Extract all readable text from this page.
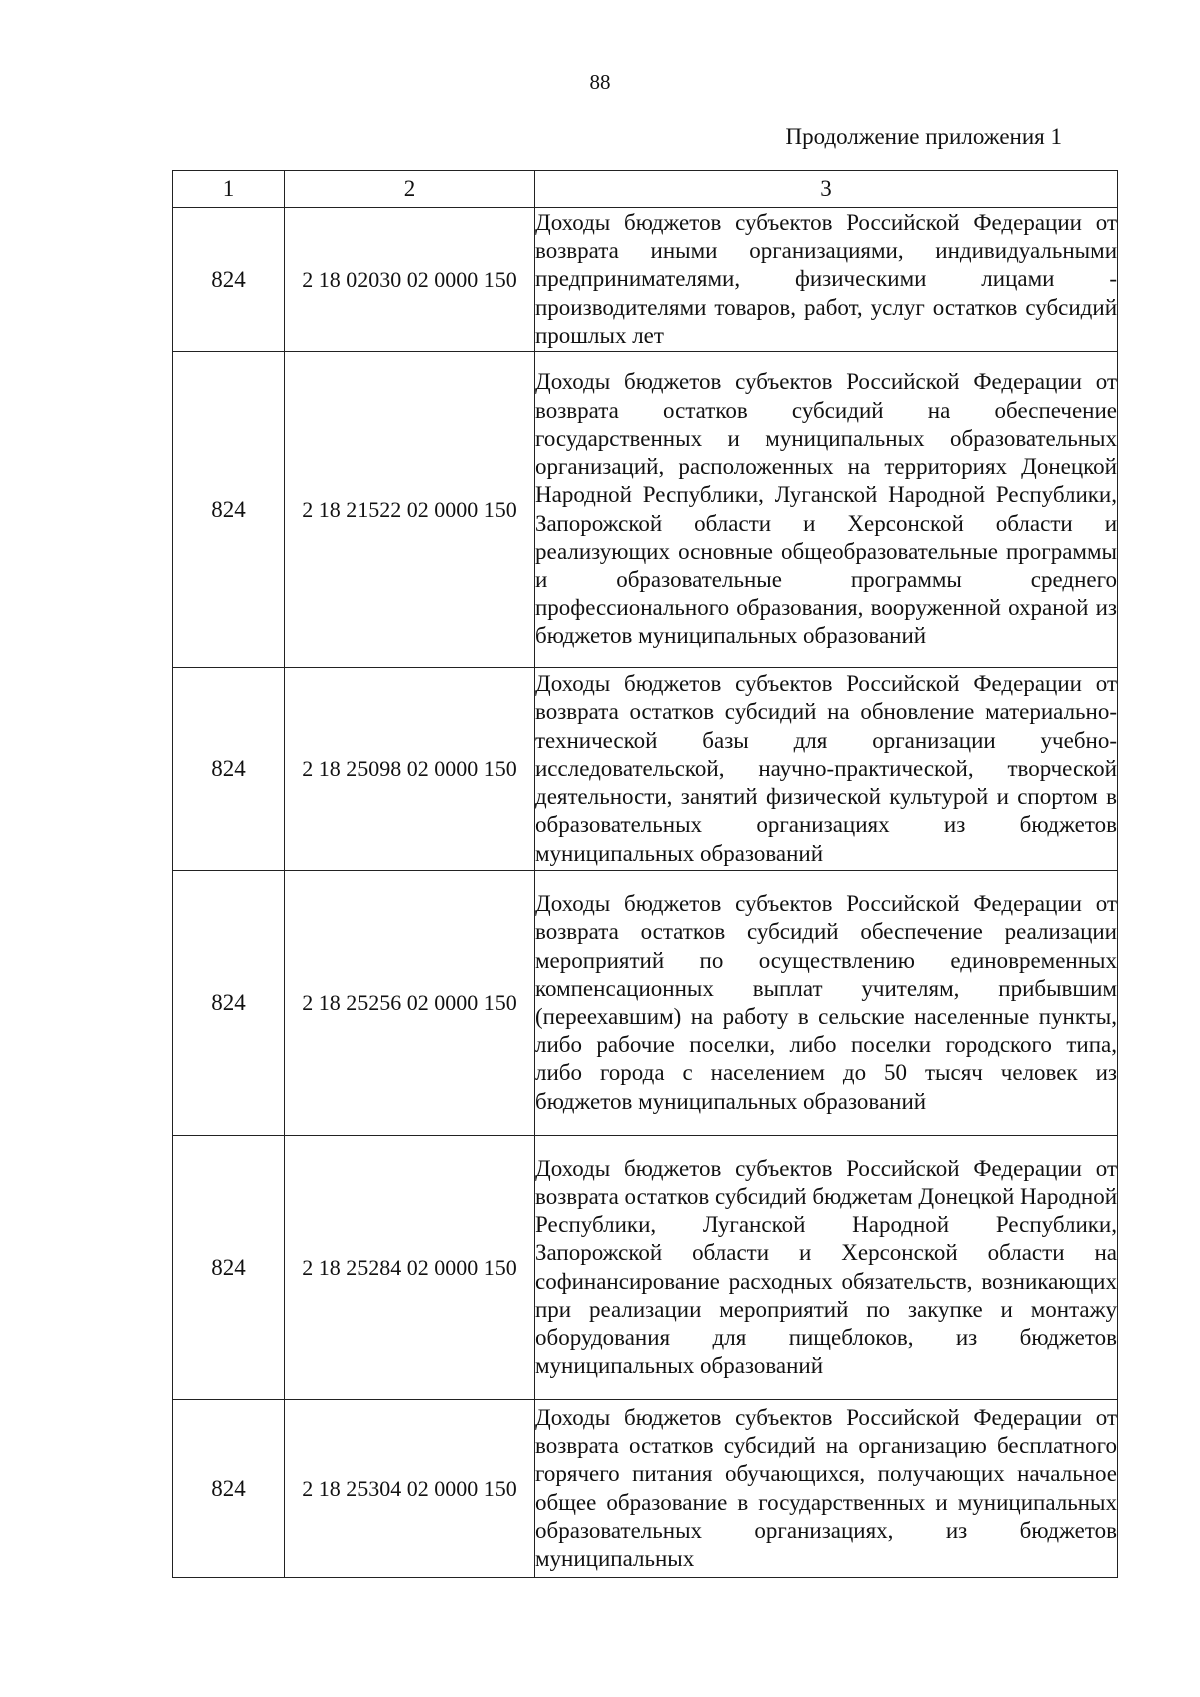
88
Продолжение приложения 1
1	2	3
824	2 18 02030 02 0000 150	Доходы бюджетов субъектов Российской Федерации от возврата иными организациями, индивидуальными предпринимателями, физическими лицами - производителями товаров, работ, услуг остатков субсидий прошлых лет
824	2 18 21522 02 0000 150	Доходы бюджетов субъектов Российской Федерации от возврата остатков субсидий на обеспечение государственных и муниципальных образовательных организаций, расположенных на территориях Донецкой Народной Республики, Луганской Народной Республики, Запорожской области и Херсонской области и реализующих основные общеобразовательные программы и образовательные программы среднего профессионального образования, вооруженной охраной из бюджетов муниципальных образований
824	2 18 25098 02 0000 150	Доходы бюджетов субъектов Российской Федерации от возврата остатков субсидий на обновление материально-технической базы для организации учебно-исследовательской, научно-практической, творческой деятельности, занятий физической культурой и спортом в образовательных организациях из бюджетов муниципальных образований
824	2 18 25256 02 0000 150	Доходы бюджетов субъектов Российской Федерации от возврата остатков субсидий обеспечение реализации мероприятий по осуществлению единовременных компенсационных выплат учителям, прибывшим (переехавшим) на работу в сельские населенные пункты, либо рабочие поселки, либо поселки городского типа, либо города с населением до 50 тысяч человек из бюджетов муниципальных образований
824	2 18 25284 02 0000 150	Доходы бюджетов субъектов Российской Федерации от возврата остатков субсидий бюджетам Донецкой Народной Республики, Луганской Народной Республики, Запорожской области и Херсонской области на софинансирование расходных обязательств, возникающих при реализации мероприятий по закупке и монтажу оборудования для пищеблоков, из бюджетов муниципальных образований
824	2 18 25304 02 0000 150	Доходы бюджетов субъектов Российской Федерации от возврата остатков субсидий на организацию бесплатного горячего питания обучающихся, получающих начальное общее образование в государственных и муниципальных образовательных организациях, из бюджетов муниципальных
